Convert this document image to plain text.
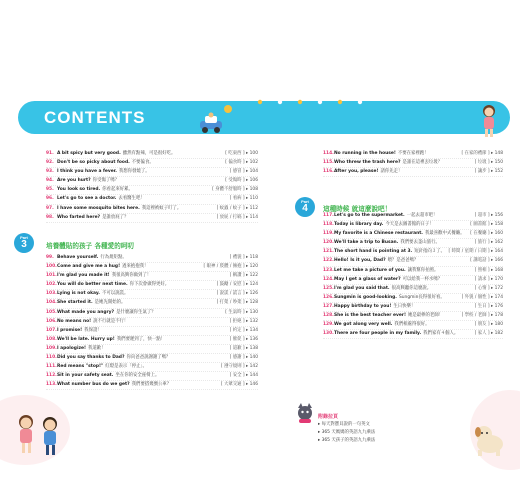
CONTENTS
91. A bit spicy but very good. 雖然有點辣，可是很好吃。	[ 吃東西 ] ▸ 100
92. Don't be so picky about food. 不要偏食。	[ 偏食時 ] ▸ 102
93. I think you have a fever. 我想你發燒了。	[ 感冒 ] ▸ 104
94. Are you hurt? 你受傷了嗎？	[ 受傷時 ] ▸ 106
95. You look so tired. 你看起來好累。	[ 身體不舒服時 ] ▸ 108
96. Let's go to see a doctor. 去看醫生吧！	[ 看病 ] ▸ 110
97. I have some mosquito bites here. 我這裡被蚊子叮了。	[ 蚊蟲 / 蚊子 ] ▸ 112
98. Who farted here? 是誰放屁了？	[ 放屁 / 打嗝 ] ▸ 114
Part
3	培養體貼的孩子 各種愛的呵叨
99. Behave yourself. 行為規矩點。	[ 禮貌 ] ▸ 118
100. Come and give me a hug! 過來抱抱我！	[ 眼神 / 肢體 / 擁抱 ] ▸ 120
101. I'm glad you made it! 我很高興你做到了！	[ 稱讚 ] ▸ 122
102. You will do better next time. 你下次會做得更好。	[ 鼓勵 / 安慰 ] ▸ 124
103. Lying is not okay. 不可以說謊。	[ 說謊 / 謊言 ] ▸ 126
104. She started it. 是她先開始的。	[ 打架 / 吵架 ] ▸ 128
105. What made you angry? 是什麼讓你生氣了？	[ 生氣時 ] ▸ 130
106. No means no! 說不行就是不行！	[ 拒絕 ] ▸ 132
107. I promise! 我保證！	[ 約定 ] ▸ 134
108. We'll be late. Hurry up! 我們要遲到了，快一點！	[ 催促 ] ▸ 136
109. I apologize! 我道歉！	[ 道歉 ] ▸ 138
110. Did you say thanks to Dad? 你向爸爸說謝謝了嗎？	[ 感謝 ] ▸ 140
111. Red means "stop!" 紅燈是表示「停止」。	[ 遵守規則 ] ▸ 142
112. Sit in your safety seat. 坐在你的安全座椅上。	[ 安全 ] ▸ 144
113. What number bus do we get? 我們要搭幾號公車？	[ 大眾交通 ] ▸ 146
114. No running in the house! 不要在家裡跑！	[ 在家的禮節 ] ▸ 148
115. Who threw the trash here? 是誰在這裡丟垃圾？	[ 垃圾 ] ▸ 150
116. After you, please! 請你先走！	[ 讓步 ] ▸ 152
Part
4	這種時候 就這麼說吧！
117. Let's go to the supermarket. 一起去超市吧！	[ 超市 ] ▸ 156
118. Today is library day. 今天是去圖書館的日子！	[ 圖書館 ] ▸ 158
119. My favorite is a Chinese restaurant. 我最喜歡中式餐廳。 [ 在餐廳 ] ▸ 160
120. We'll take a trip to Busan. 我們要去釜山旅行。	[ 旅行 ] ▸ 162
121. The short hand is pointing at 3. 短針指向３了。 [ 時間 / 星期 / 日期 ] ▸ 164
122. Hello! Is it you, Dad? 喂？是爸爸嗎？	[ 講電話 ] ▸ 166
123. Let me take a picture of you. 讓我幫你拍照。	[ 照相 ] ▸ 168
124. May I get a glass of water? 可以給我一杯水嗎？	[ 請求 ] ▸ 170
125. I'm glad you said that. 很高興聽你這麼說。	[ 心情 ] ▸ 172
126. Sungmin is good-looking. Sungmin長得很好看。	[ 外貌 / 個性 ] ▸ 174
127. Happy birthday to you! 生日快樂！	[ 生日 ] ▸ 176
128. She is the best teacher ever! 她是最棒的老師！	[ 學校 / 老師 ] ▸ 178
129. We got along very well. 我們相處得很好。	[ 朋友 ] ▸ 180
130. There are four people in my family. 我們家有４個人。	[ 家人 ] ▸ 182
附錄拉頁
▸ 每天對寶貝說的一句英文
▸ 365 天媽媽的英語九九乘法
▸ 365 天孩子的英語九九乘法
